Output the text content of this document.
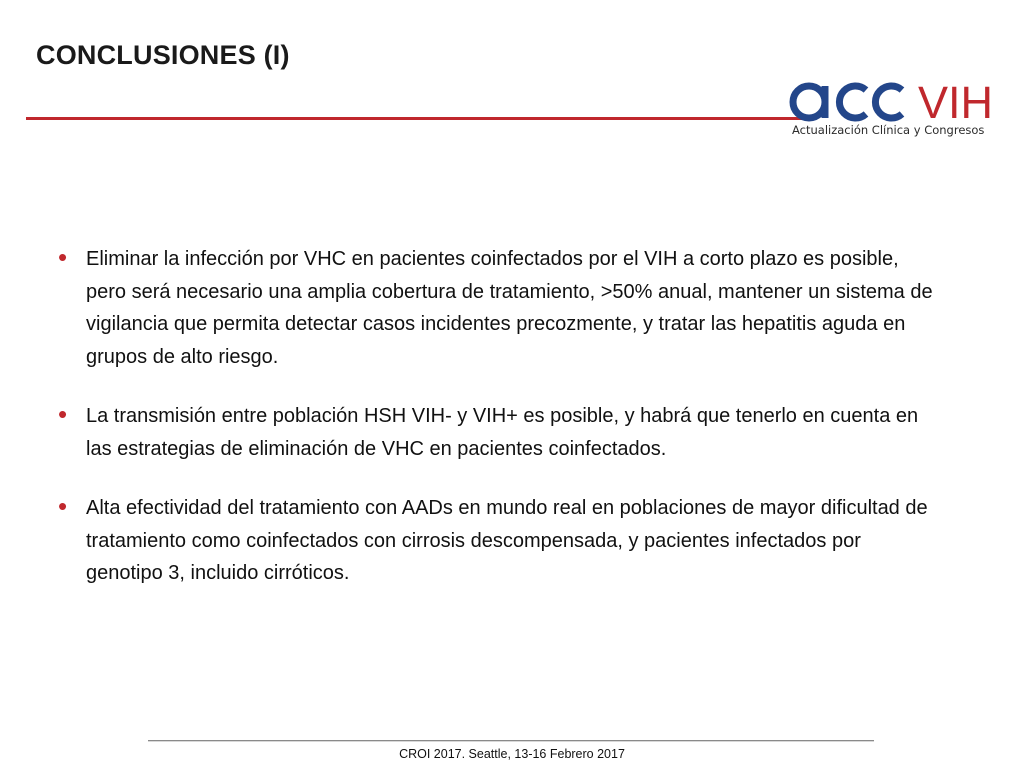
CONCLUSIONES (I)
VIH
Actualización Clínica y Congresos
• Eliminar la infección por VHC en pacientes coinfectados por el VIH a corto plazo es posible, pero será necesario una amplia cobertura de tratamiento, >50% anual, mantener un sistema de vigilancia que permita detectar casos incidentes precozmente, y tratar las hepatitis aguda en grupos de alto riesgo.
• La transmisión entre población HSH VIH- y VIH+ es posible, y habrá que tenerlo en cuenta en las estrategias de eliminación de VHC en pacientes coinfectados.
• Alta efectividad del tratamiento con AADs en mundo real en poblaciones de mayor dificultad de tratamiento como coinfectados con cirrosis descompensada, y pacientes infectados por genotipo 3, incluido cirróticos.
CROI 2017. Seattle, 13-16 Febrero 2017
